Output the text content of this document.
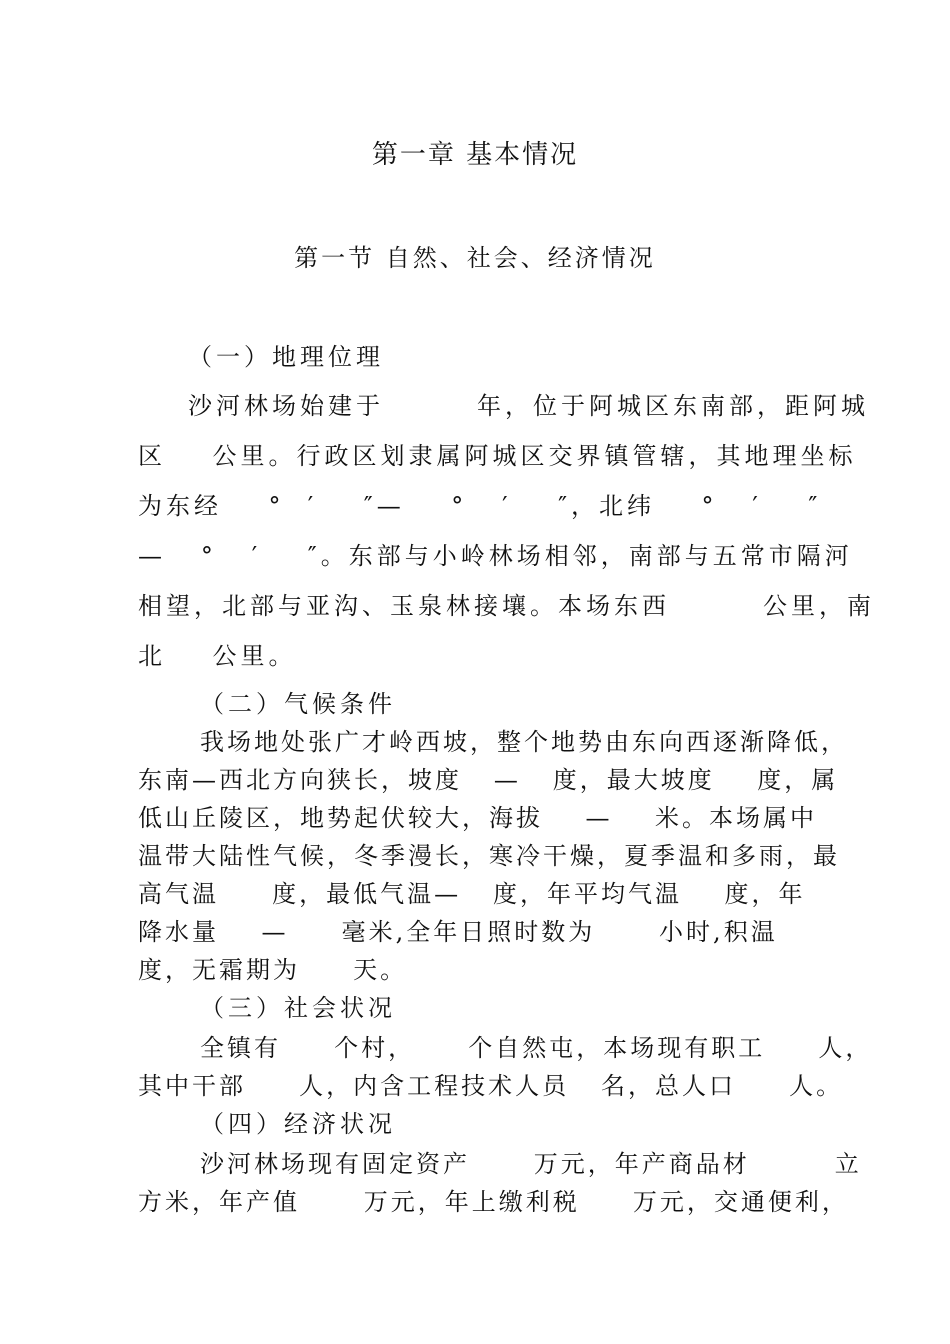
第一章 基本情况
第一节 自然、社会、经济情况
（一）地理位理
沙河林场始建于        年，位于阿城区东南部，距阿城
区    公里。行政区划隶属阿城区交界镇管辖，其地理坐标
为东经    °  ′    ″—    °   ′    ″，北纬    °   ′    ″
—   °   ′    ″。东部与小岭林场相邻，南部与五常市隔河
相望，北部与亚沟、玉泉林接壤。本场东西        公里，南
北    公里。
（二）气候条件
我场地处张广才岭西坡，整个地势由东向西逐渐降低，
东南—西北方向狭长，坡度   —   度，最大坡度    度，属
低山丘陵区，地势起伏较大，海拔    —    米。本场属中
温带大陆性气候，冬季漫长，寒冷干燥，夏季温和多雨，最
高气温     度，最低气温—   度，年平均气温    度，年
降水量    —     毫米,全年日照时数为      小时,积温
度，无霜期为     天。
（三）社会状况
全镇有     个村，     个自然屯，本场现有职工     人，
其中干部     人，内含工程技术人员   名，总人口     人。
（四）经济状况
沙河林场现有固定资产      万元，年产商品材        立
方米，年产值      万元，年上缴利税     万元，交通便利，
